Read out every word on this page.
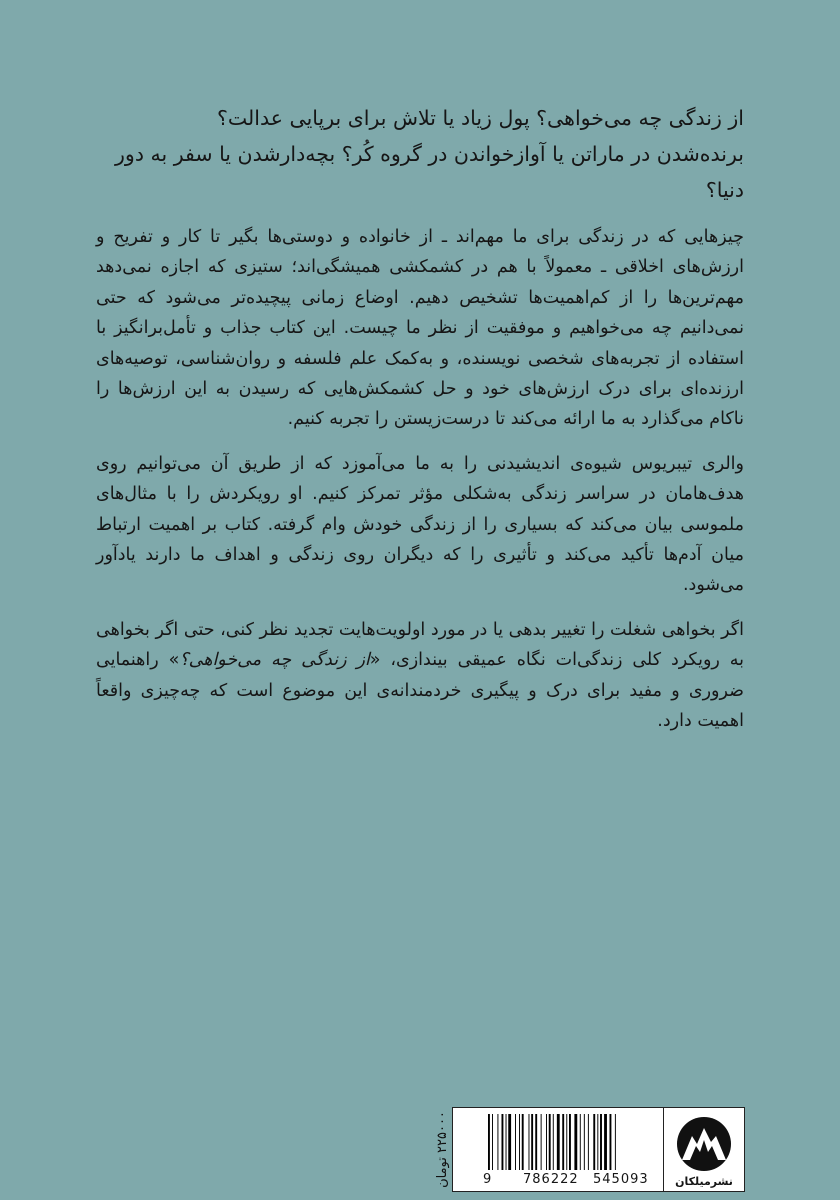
از زندگی چه می‌خواهی؟ پول زیاد یا تلاش برای برپایی عدالت؟

برنده‌شدن در ماراتن یا آوازخواندن در گروه کُر؟ بچه‌دارشدن یا سفر به دور دنیا؟

چیزهایی که در زندگی برای ما مهم‌اند ـ از خانواده و دوستی‌ها بگیر تا کار و تفریح و ارزش‌های اخلاقی ـ معمولاً با هم در کشمکشی همیشگی‌اند؛ ستیزی که اجازه نمی‌دهد مهم‌ترین‌ها را از کم‌اهمیت‌ها تشخیص دهیم. اوضاع زمانی پیچیده‌تر می‌شود که حتی نمی‌دانیم چه می‌خواهیم و موفقیت از نظر ما چیست. این کتاب جذاب و تأمل‌برانگیز با استفاده از تجربه‌های شخصی نویسنده، و به‌کمک علم فلسفه و روان‌شناسی، توصیه‌های ارزنده‌ای برای درک ارزش‌های خود و حل کشمکش‌هایی که رسیدن به این ارزش‌ها را ناکام می‌گذارد به ما ارائه می‌کند تا درست‌زیستن را تجربه کنیم.

والری تیبریوس شیوه‌ی اندیشیدنی را به ما می‌آموزد که از طریق آن می‌توانیم روی هدف‌هامان در سراسر زندگی به‌شکلی مؤثر تمرکز کنیم. او رویکردش را با مثال‌های ملموسی بیان می‌کند که بسیاری را از زندگی خودش وام گرفته. کتاب بر اهمیت ارتباط میان آدم‌ها تأکید می‌کند و تأثیری را که دیگران روی زندگی و اهداف ما دارند یادآور می‌شود.

اگر بخواهی شغلت را تغییر بدهی یا در مورد اولویت‌هایت تجدید نظر کنی، حتی اگر بخواهی به رویکرد کلی زندگی‌ات نگاه عمیقی بیندازی، «از زندگی چه می‌خواهی؟» راهنمایی ضروری و مفید برای درک و پیگیری خردمندانه‌ی این موضوع است که چه‌چیزی واقعاً اهمیت دارد.

۲۲۵۰۰۰ تومان
9 786222 545093	نشرمیلکان
